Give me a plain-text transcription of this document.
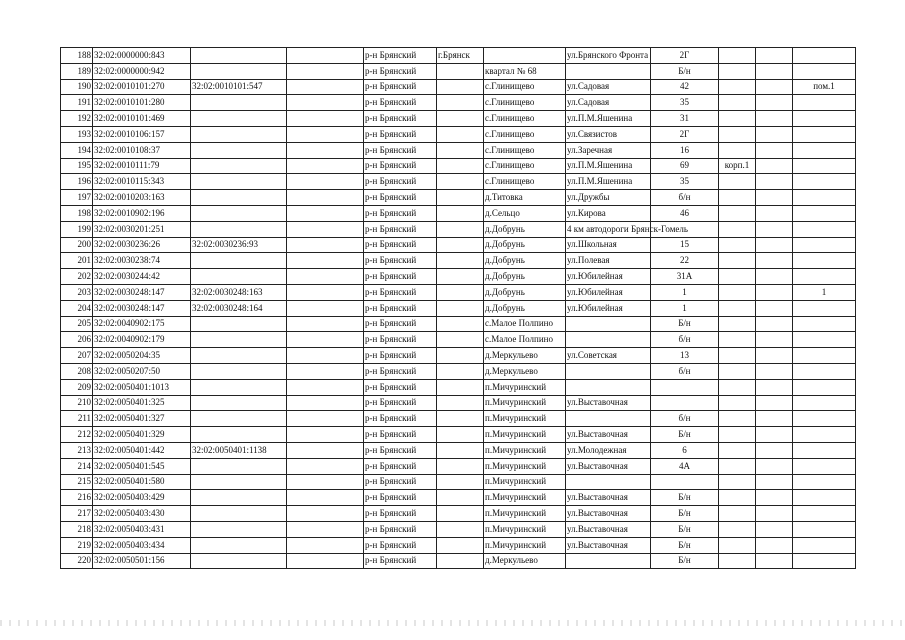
188	32:02:0000000:843			р-н Брянский	г.Брянск		ул.Брянского Фронта	2Г			
189	32:02:0000000:942			р-н Брянский		квартал № 68		Б/н			
190	32:02:0010101:270	32:02:0010101:547		р-н Брянский		с.Глинищево	ул.Садовая	42			пом.1
191	32:02:0010101:280			р-н Брянский		с.Глинищево	ул.Садовая	35			
192	32:02:0010101:469			р-н Брянский		с.Глинищево	ул.П.М.Яшенина	31			
193	32:02:0010106:157			р-н Брянский		с.Глинищево	ул.Связистов	2Г			
194	32:02:0010108:37			р-н Брянский		с.Глинищево	ул.Заречная	16			
195	32:02:0010111:79			р-н Брянский		с.Глинищево	ул.П.М.Яшенина	69	корп.1		
196	32:02:0010115:343			р-н Брянский		с.Глинищево	ул.П.М.Яшенина	35			
197	32:02:0010203:163			р-н Брянский		д.Титовка	ул.Дружбы	б/н			
198	32:02:0010902:196			р-н Брянский		д.Сельцо	ул.Кирова	46			
199	32:02:0030201:251			р-н Брянский		д.Добрунь	4 км автодороги Брянск-Гомель				
200	32:02:0030236:26	32:02:0030236:93		р-н Брянский		д.Добрунь	ул.Школьная	15			
201	32:02:0030238:74			р-н Брянский		д.Добрунь	ул.Полевая	22			
202	32:02:0030244:42			р-н Брянский		д.Добрунь	ул.Юбилейная	31А			
203	32:02:0030248:147	32:02:0030248:163		р-н Брянский		д.Добрунь	ул.Юбилейная	1			1
204	32:02:0030248:147	32:02:0030248:164		р-н Брянский		д.Добрунь	ул.Юбилейная	1			
205	32:02:0040902:175			р-н Брянский		с.Малое Полпино		Б/н			
206	32:02:0040902:179			р-н Брянский		с.Малое Полпино		б/н			
207	32:02:0050204:35			р-н Брянский		д.Меркульево	ул.Советская	13			
208	32:02:0050207:50			р-н Брянский		д.Меркульево		б/н			
209	32:02:0050401:1013			р-н Брянский		п.Мичуринский					
210	32:02:0050401:325			р-н Брянский		п.Мичуринский	ул.Выставочная				
211	32:02:0050401:327			р-н Брянский		п.Мичуринский		б/н			
212	32:02:0050401:329			р-н Брянский		п.Мичуринский	ул.Выставочная	Б/н			
213	32:02:0050401:442	32:02:0050401:1138		р-н Брянский		п.Мичуринский	ул.Молодежная	6			
214	32:02:0050401:545			р-н Брянский		п.Мичуринский	ул.Выставочная	4А			
215	32:02:0050401:580			р-н Брянский		п.Мичуринский					
216	32:02:0050403:429			р-н Брянский		п.Мичуринский	ул.Выставочная	Б/н			
217	32:02:0050403:430			р-н Брянский		п.Мичуринский	ул.Выставочная	Б/н			
218	32:02:0050403:431			р-н Брянский		п.Мичуринский	ул.Выставочная	Б/н			
219	32:02:0050403:434			р-н Брянский		п.Мичуринский	ул.Выставочная	Б/н			
220	32:02:0050501:156			р-н Брянский		д.Меркульево		Б/н			
